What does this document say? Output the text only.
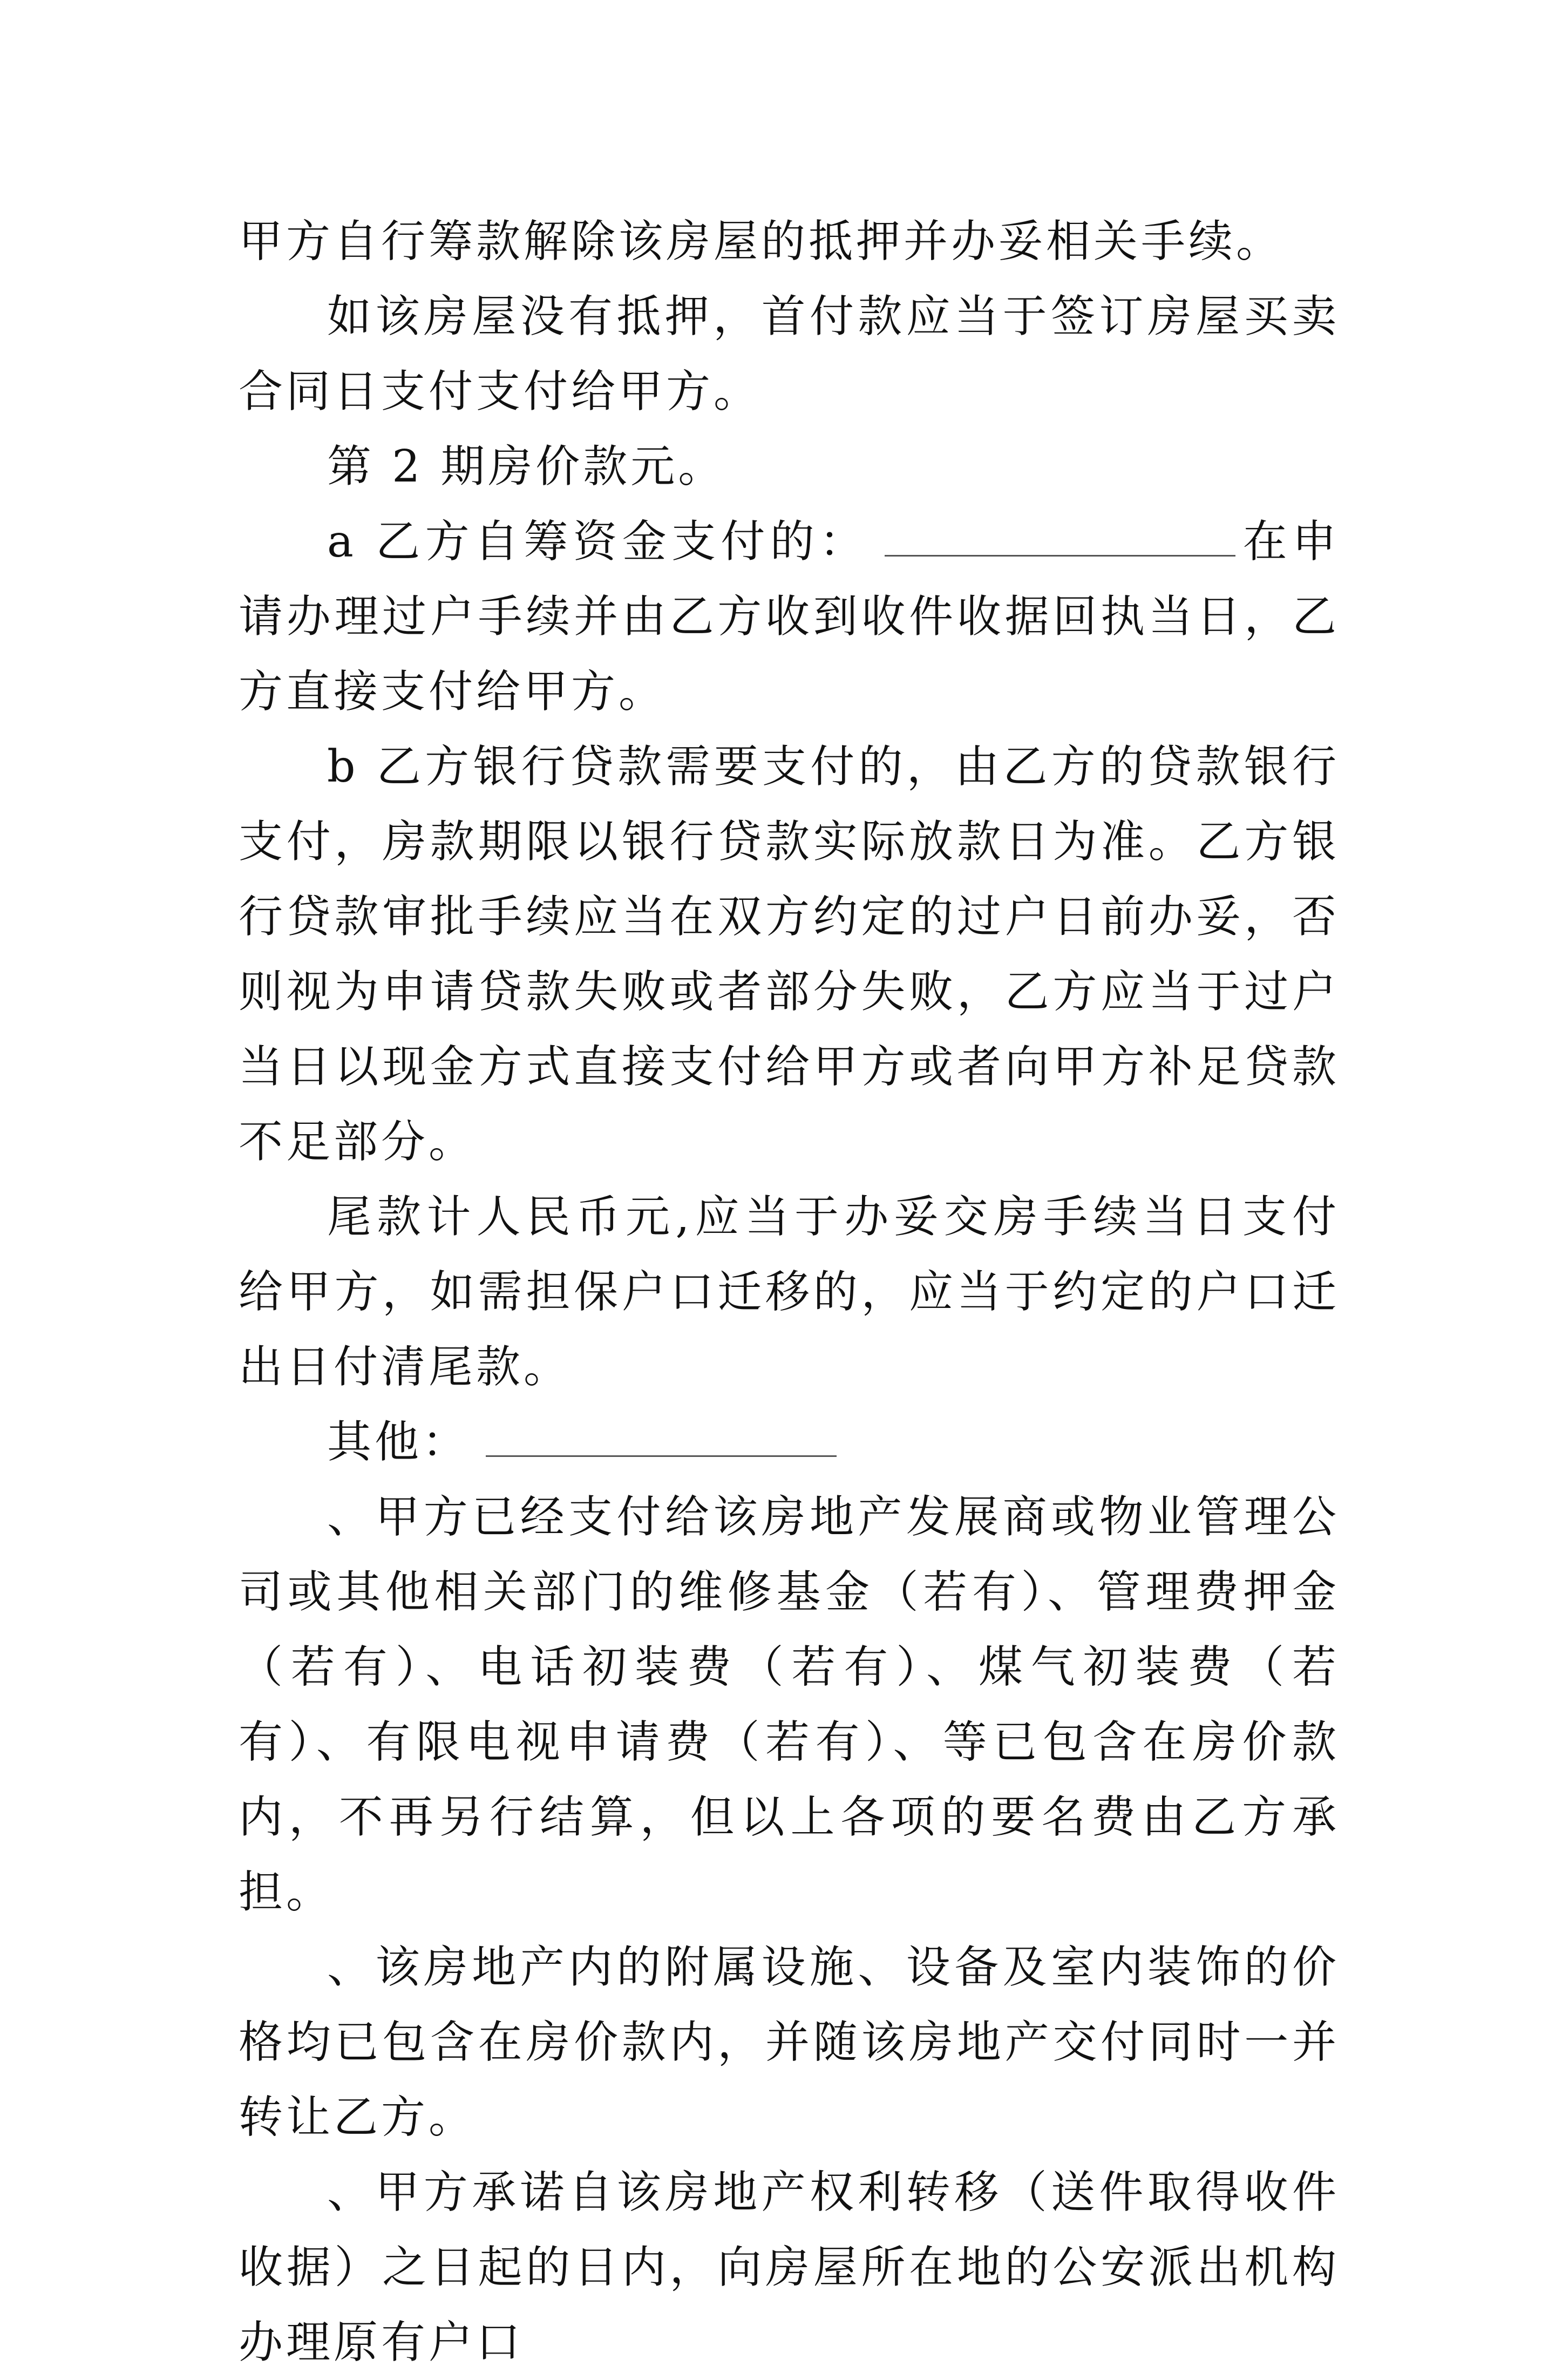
甲方自行筹款解除该房屋的抵押并办妥相关手续。

如该房屋没有抵押，首付款应当于签订房屋买卖合同日支付支付给甲方。

第 2 期房价款元。

a 乙方自筹资金支付的：	在申请办理过户手续并由乙方收到收件收据回执当日，乙方直接支付给甲方。

b 乙方银行贷款需要支付的，由乙方的贷款银行支付，房款期限以银行贷款实际放款日为准。乙方银行贷款审批手续应当在双方约定的过户日前办妥，否则视为申请贷款失败或者部分失败，乙方应当于过户当日以现金方式直接支付给甲方或者向甲方补足贷款不足部分。

尾款计人民币元,应当于办妥交房手续当日支付给甲方，如需担保户口迁移的，应当于约定的户口迁出日付清尾款。

其他：

、甲方已经支付给该房地产发展商或物业管理公司或其他相关部门的维修基金（若有）、管理费押金（若有）、电话初装费（若有）、煤气初装费（若有）、有限电视申请费（若有）、等已包含在房价款内，不再另行结算，但以上各项的要名费由乙方承担。

、该房地产内的附属设施、设备及室内装饰的价格均已包含在房价款内，并随该房地产交付同时一并转让乙方。

、甲方承诺自该房地产权利转移（送件取得收件收据）之日起的日内，向房屋所在地的公安派出机构办理原有户口
